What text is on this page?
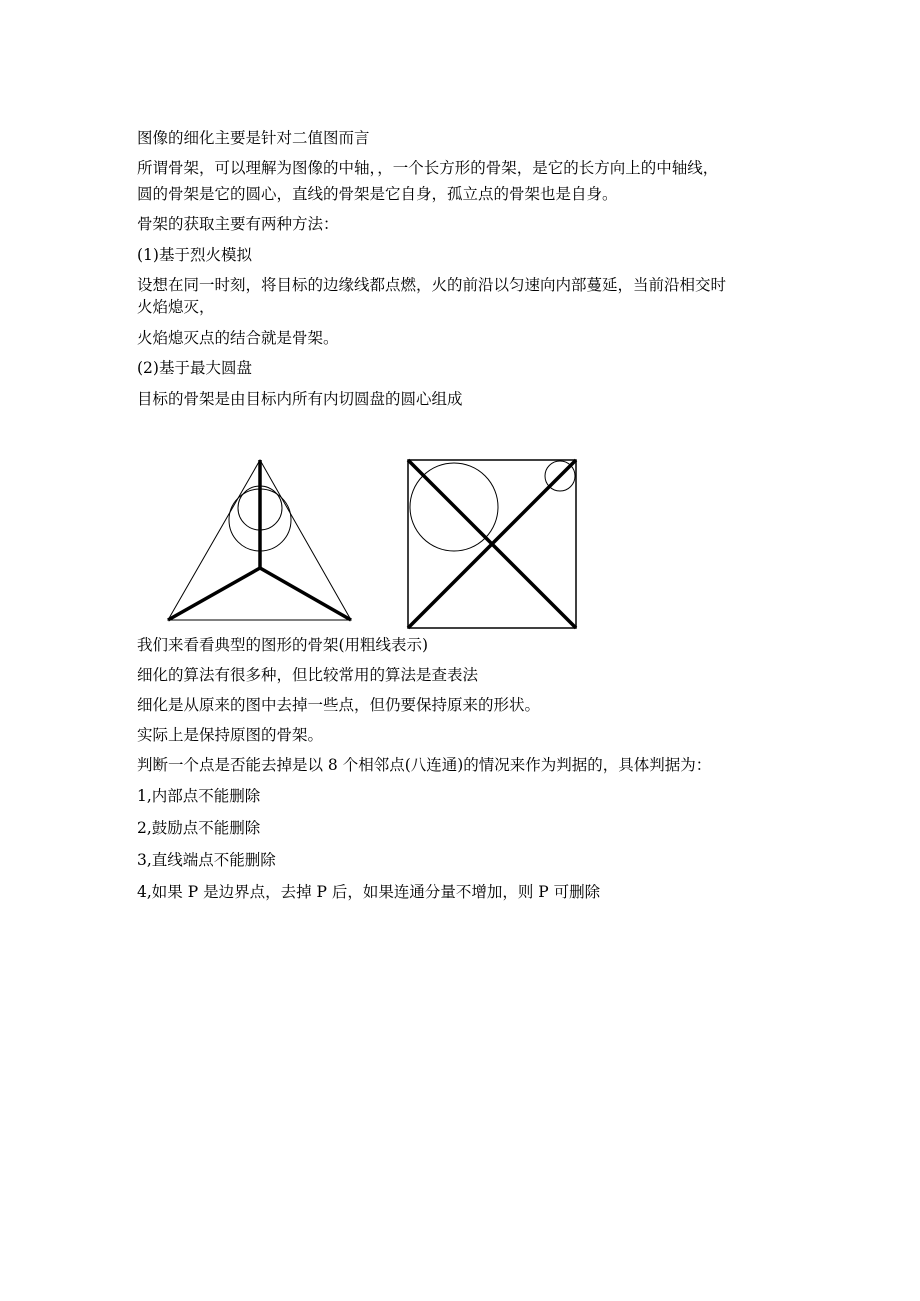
图像的细化主要是针对二值图而言
所谓骨架，可以理解为图像的中轴，，一个长方形的骨架，是它的长方向上的中轴线，
圆的骨架是它的圆心，直线的骨架是它自身，孤立点的骨架也是自身。
骨架的获取主要有两种方法：
(1)基于烈火模拟
设想在同一时刻，将目标的边缘线都点燃，火的前沿以匀速向内部蔓延，当前沿相交时
火焰熄灭，
火焰熄灭点的结合就是骨架。
(2)基于最大圆盘
目标的骨架是由目标内所有内切圆盘的圆心组成
我们来看看典型的图形的骨架(用粗线表示)
细化的算法有很多种，但比较常用的算法是查表法
细化是从原来的图中去掉一些点，但仍要保持原来的形状。
实际上是保持原图的骨架。
判断一个点是否能去掉是以 8 个相邻点(八连通)的情况来作为判据的，具体判据为：
1,内部点不能删除
2,鼓励点不能删除
3,直线端点不能删除
4,如果 P 是边界点，去掉 P 后，如果连通分量不增加，则 P 可删除
